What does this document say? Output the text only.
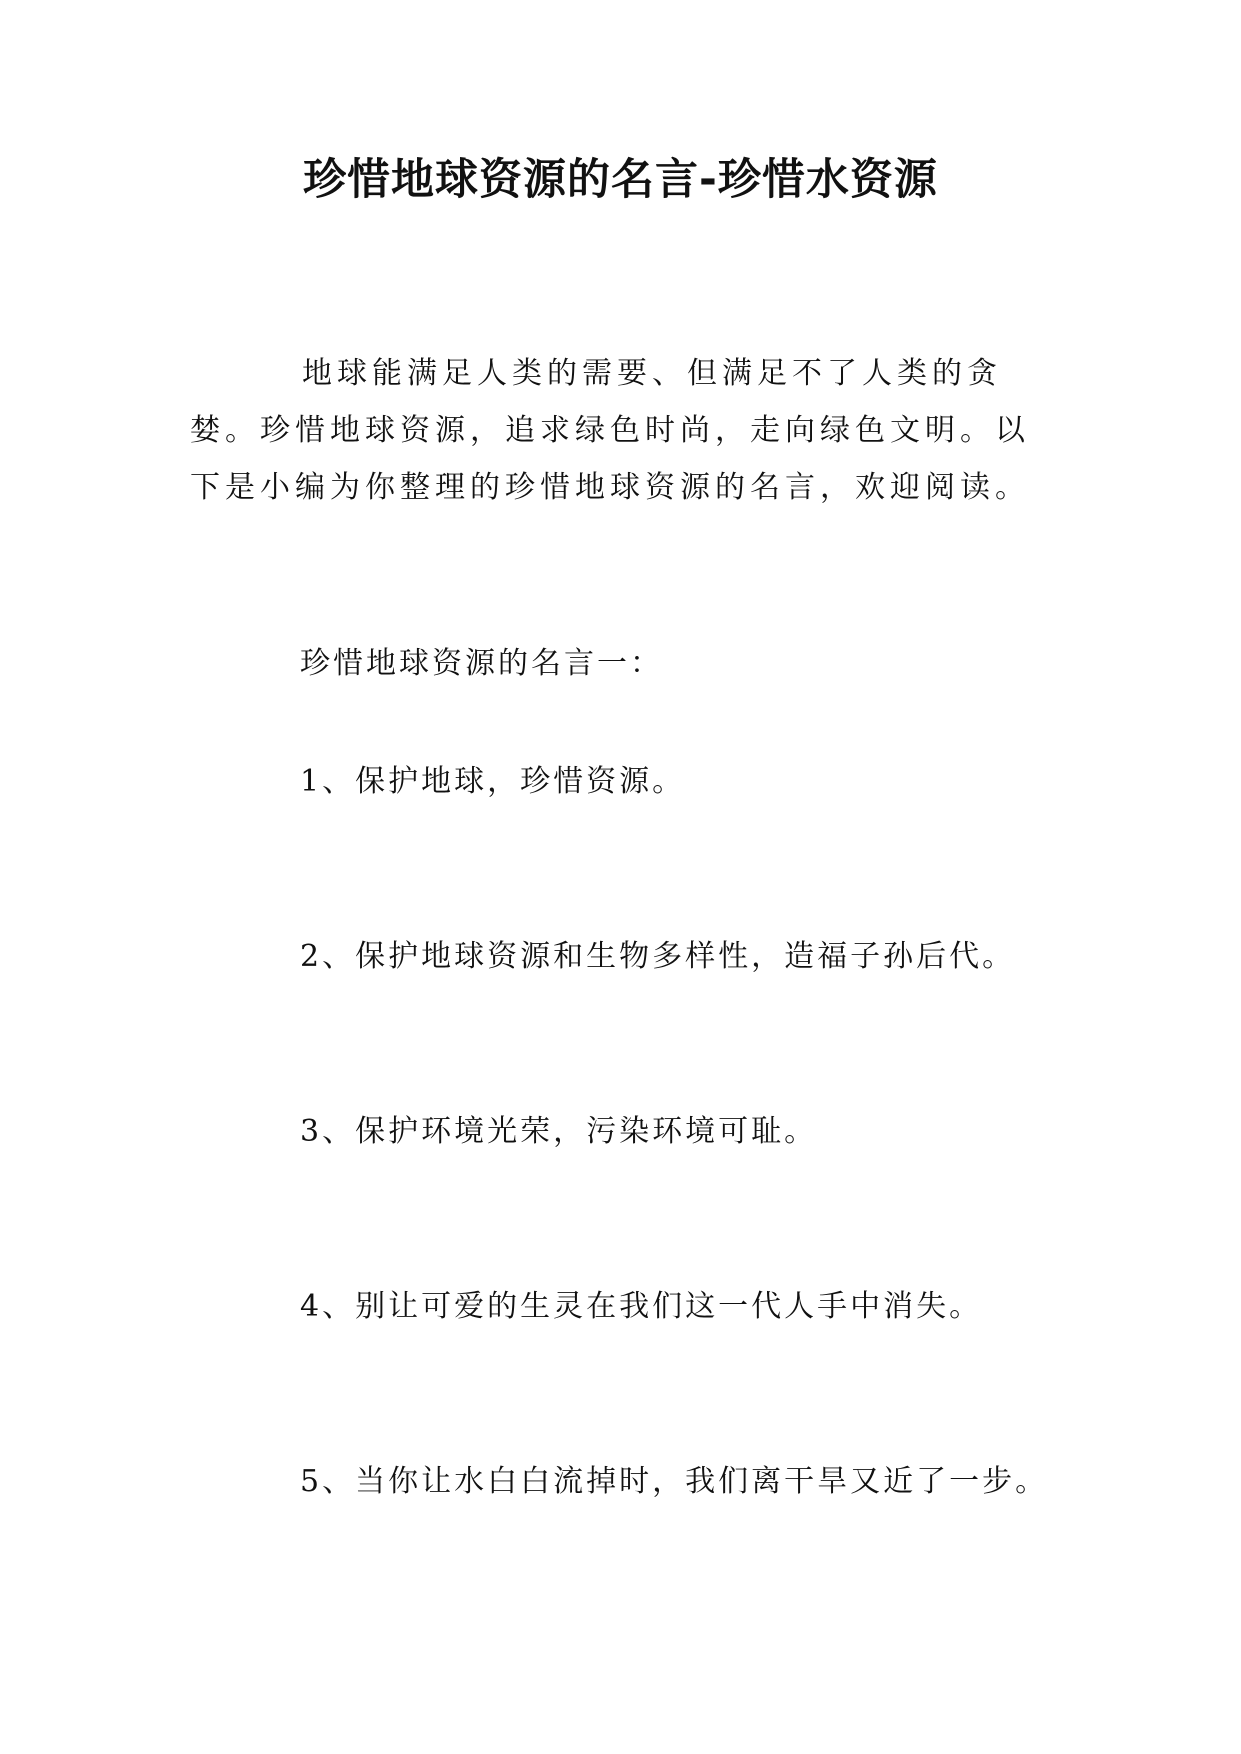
珍惜地球资源的名言-珍惜水资源

地球能满足人类的需要、但满足不了人类的贪婪。珍惜地球资源，追求绿色时尚，走向绿色文明。以下是小编为你整理的珍惜地球资源的名言，欢迎阅读。

珍惜地球资源的名言一：

1、保护地球，珍惜资源。

2、保护地球资源和生物多样性，造福子孙后代。

3、保护环境光荣，污染环境可耻。

4、别让可爱的生灵在我们这一代人手中消失。

5、当你让水白白流掉时，我们离干旱又近了一步。
